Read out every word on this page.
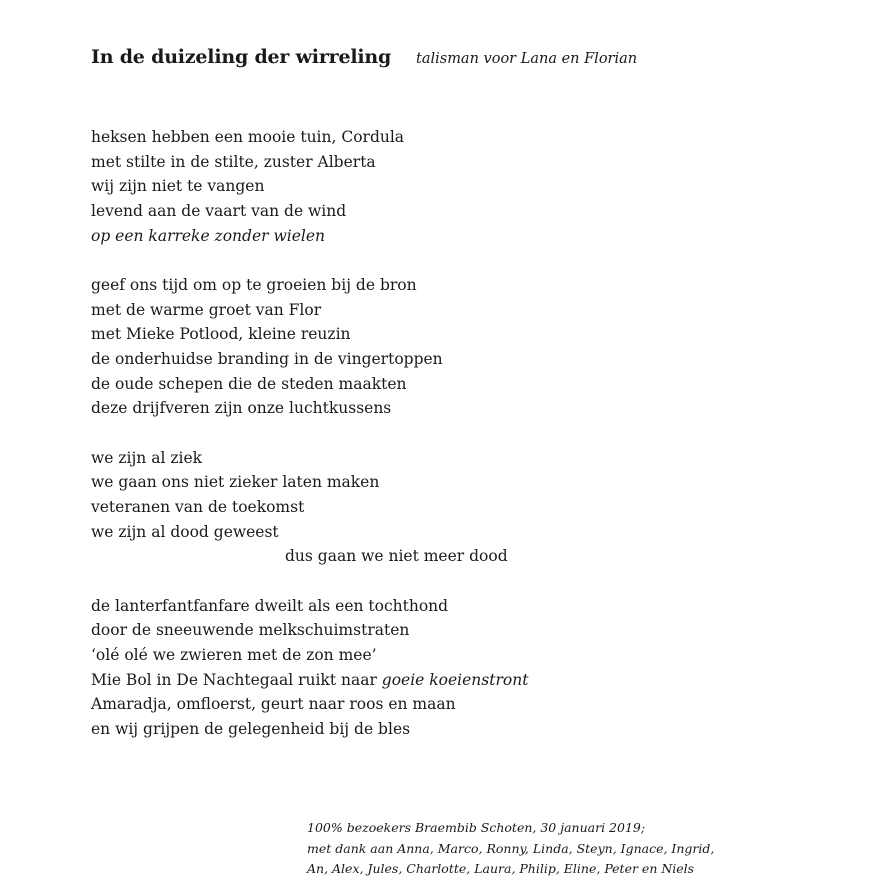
In de duizeling der wirreling talisman voor Lana en Florian
heksen hebben een mooie tuin, Cordula
met stilte in de stilte, zuster Alberta
wij zijn niet te vangen
levend aan de vaart van de wind
op een karreke zonder wielen
geef ons tijd om op te groeien bij de bron
met de warme groet van Flor
met Mieke Potlood, kleine reuzin
de onderhuidse branding in de vingertoppen
de oude schepen die de steden maakten
deze drijfveren zijn onze luchtkussens
we zijn al ziek
we gaan ons niet zieker laten maken
veteranen van de toekomst
we zijn al dood geweest
dus gaan we niet meer dood
de lanterfantfanfare dweilt als een tochthond
door de sneeuwende melkschuimstraten
‘olé olé we zwieren met de zon mee’
Mie Bol in De Nachtegaal ruikt naar goeie koeienstront
Amaradja, omfloerst, geurt naar roos en maan
en wij grijpen de gelegenheid bij de bles
100% bezoekers Braembib Schoten, 30 januari 2019;
met dank aan Anna, Marco, Ronny, Linda, Steyn, Ignace, Ingrid,
An, Alex, Jules, Charlotte, Laura, Philip, Eline, Peter en Niels
